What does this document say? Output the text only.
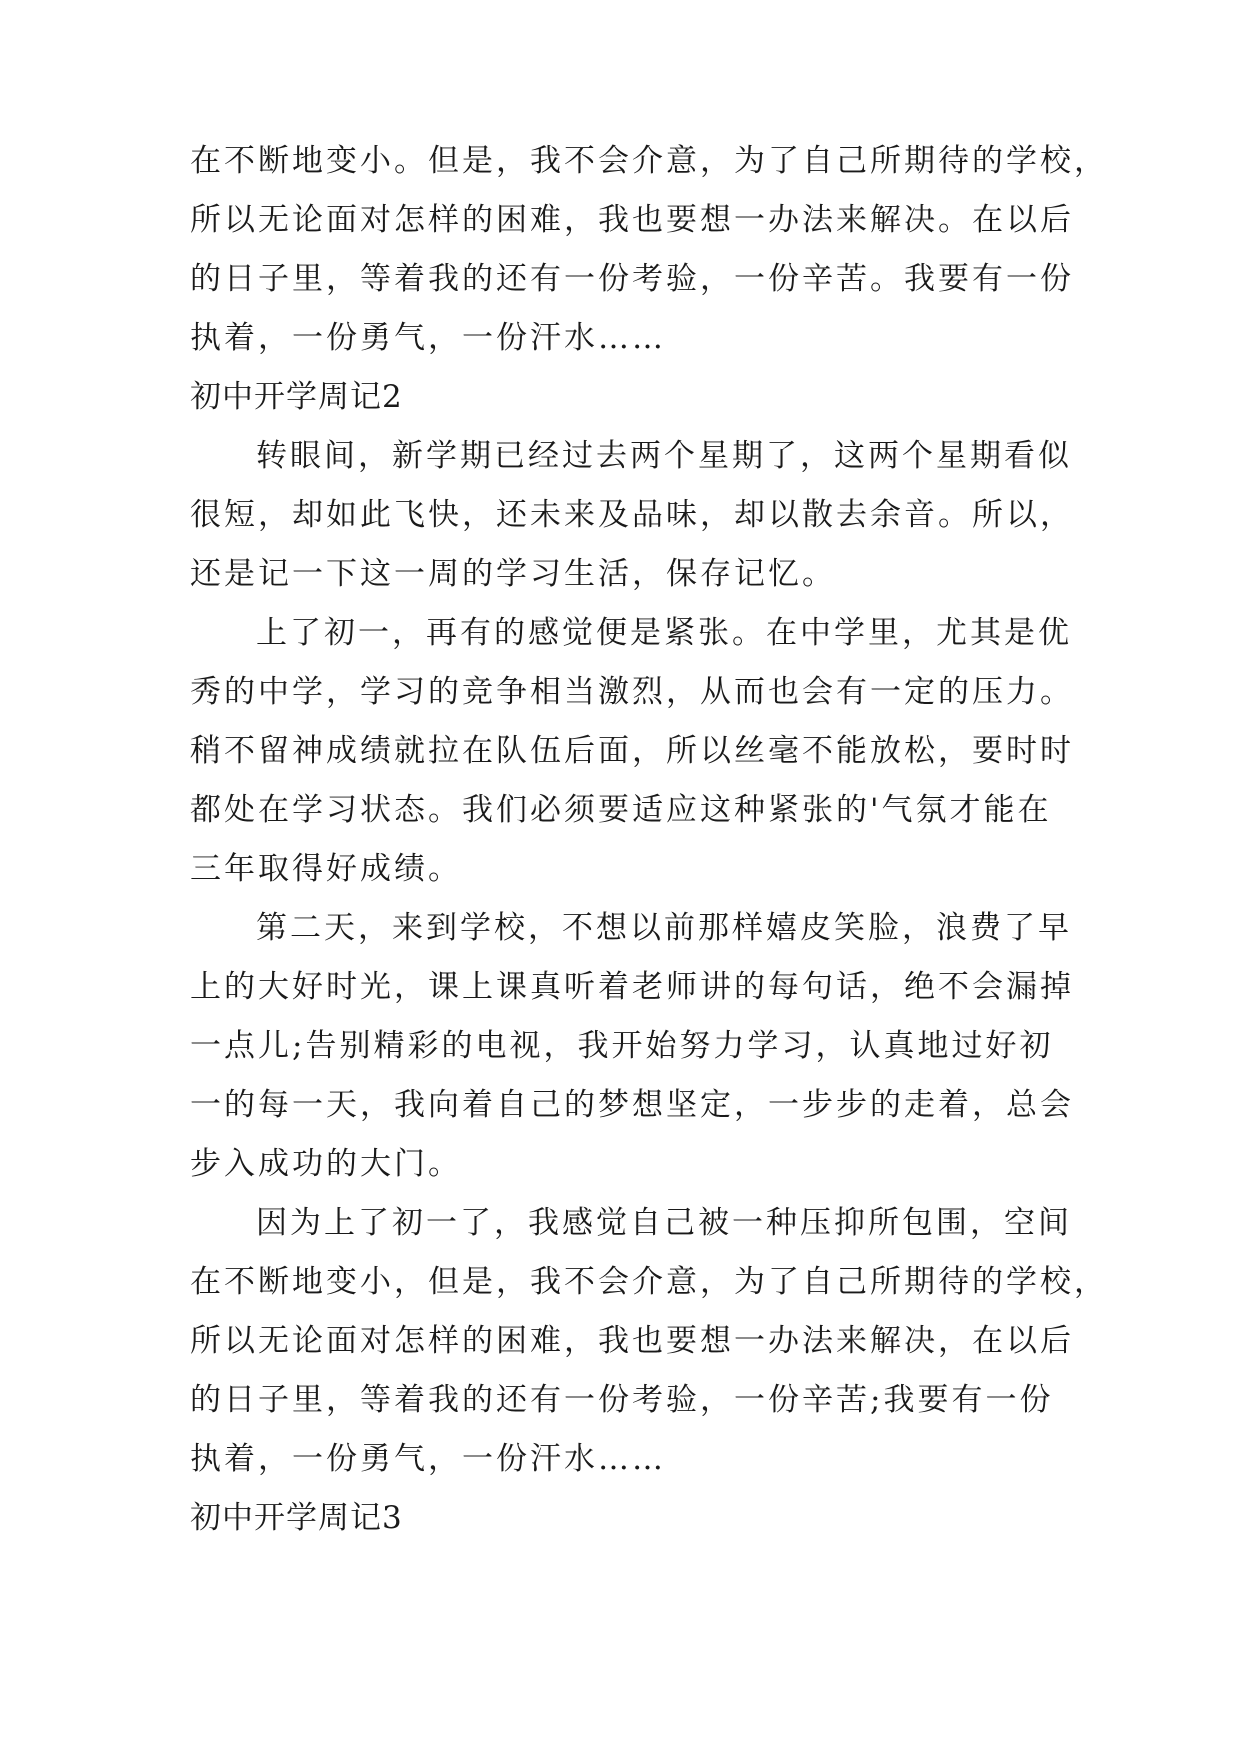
在不断地变小。但是，我不会介意，为了自己所期待的学校，
所以无论面对怎样的困难，我也要想一办法来解决。在以后
的日子里，等着我的还有一份考验，一份辛苦。我要有一份
执着，一份勇气，一份汗水……
初中开学周记2
转眼间，新学期已经过去两个星期了，这两个星期看似
很短，却如此飞快，还未来及品味，却以散去余音。所以，
还是记一下这一周的学习生活，保存记忆。
上了初一，再有的感觉便是紧张。在中学里，尤其是优
秀的中学，学习的竞争相当激烈，从而也会有一定的压力。
稍不留神成绩就拉在队伍后面，所以丝毫不能放松，要时时
都处在学习状态。我们必须要适应这种紧张的'气氛才能在
三年取得好成绩。
第二天，来到学校，不想以前那样嬉皮笑脸，浪费了早
上的大好时光，课上课真听着老师讲的每句话，绝不会漏掉
一点儿;告别精彩的电视，我开始努力学习，认真地过好初
一的每一天，我向着自己的梦想坚定，一步步的走着，总会
步入成功的大门。
因为上了初一了，我感觉自己被一种压抑所包围，空间
在不断地变小，但是，我不会介意，为了自己所期待的学校，
所以无论面对怎样的困难，我也要想一办法来解决，在以后
的日子里，等着我的还有一份考验，一份辛苦;我要有一份
执着，一份勇气，一份汗水……
初中开学周记3
